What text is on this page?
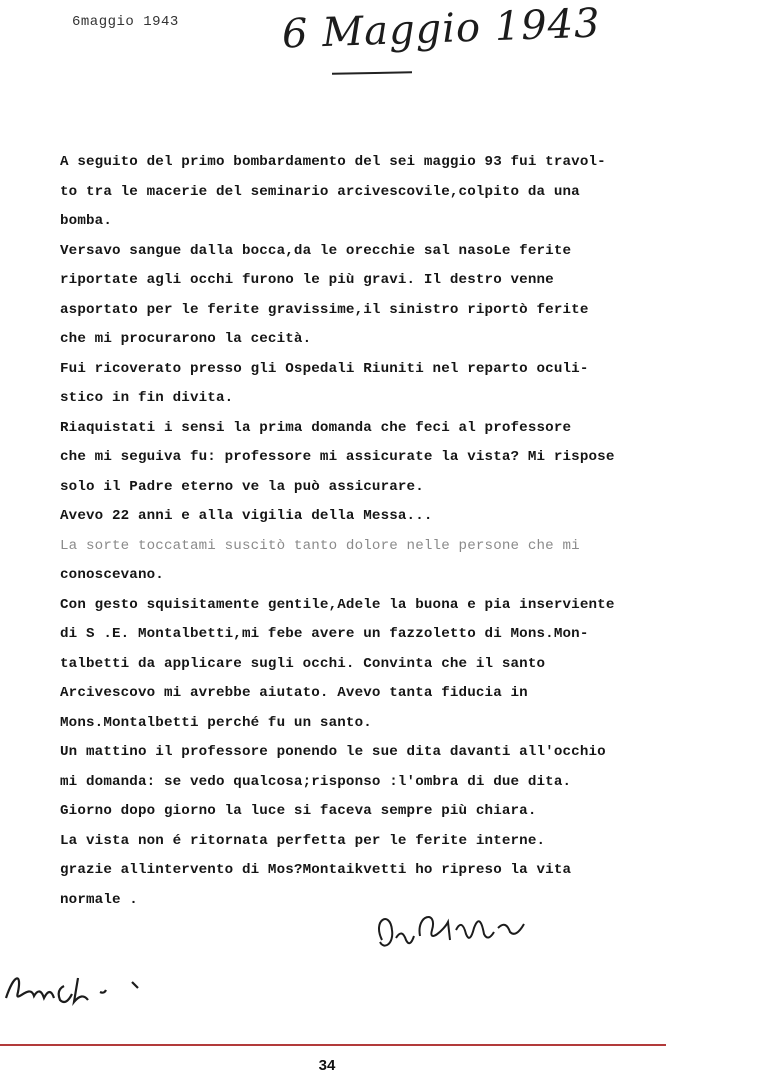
6maggio 1943	6 Maggio 1943
A seguito del primo bombardamento del sei maggio 93 fui travol-
to tra le macerie del seminario arcivescovile,colpito da una
bomba.
Versavo sangue dalla bocca,da le orecchie sal nasoLe ferite
riportate agli occhi furono le più gravi. Il destro venne
asportato per le ferite gravissime,il sinistro riportò ferite
che mi procurarono la cecità.
Fui ricoverato presso gli Ospedali Riuniti nel reparto oculi-
stico in fin divita.
Riaquistati i sensi la prima domanda che feci al professore
che mi seguiva fu: professore mi assicurate la vista? Mi rispose
solo il Padre eterno ve la può assicurare.
Avevo 22 anni e alla vigilia della Messa...
La sorte toccatami suscitò tanto dolore nelle persone che mi
conoscevano.
Con gesto squisitamente gentile,Adele la buona e pia inserviente
di S .E. Montalbetti,mi febe avere un fazzoletto di Mons.Mon-
talbetti da applicare sugli occhi. Convinta che il santo
Arcivescovo mi avrebbe aiutato. Avevo tanta fiducia in
Mons.Montalbetti perché fu un santo.
Un mattino il professore ponendo le sue dita davanti all'occhio
mi domanda: se vedo qualcosa;risponso :l'ombra di due dita.
Giorno dopo giorno la luce si faceva sempre più chiara.
La vista non é ritornata perfetta per le ferite interne.
grazie allintervento di Mos?Montaikvetti ho ripreso la vita
normale .
34
